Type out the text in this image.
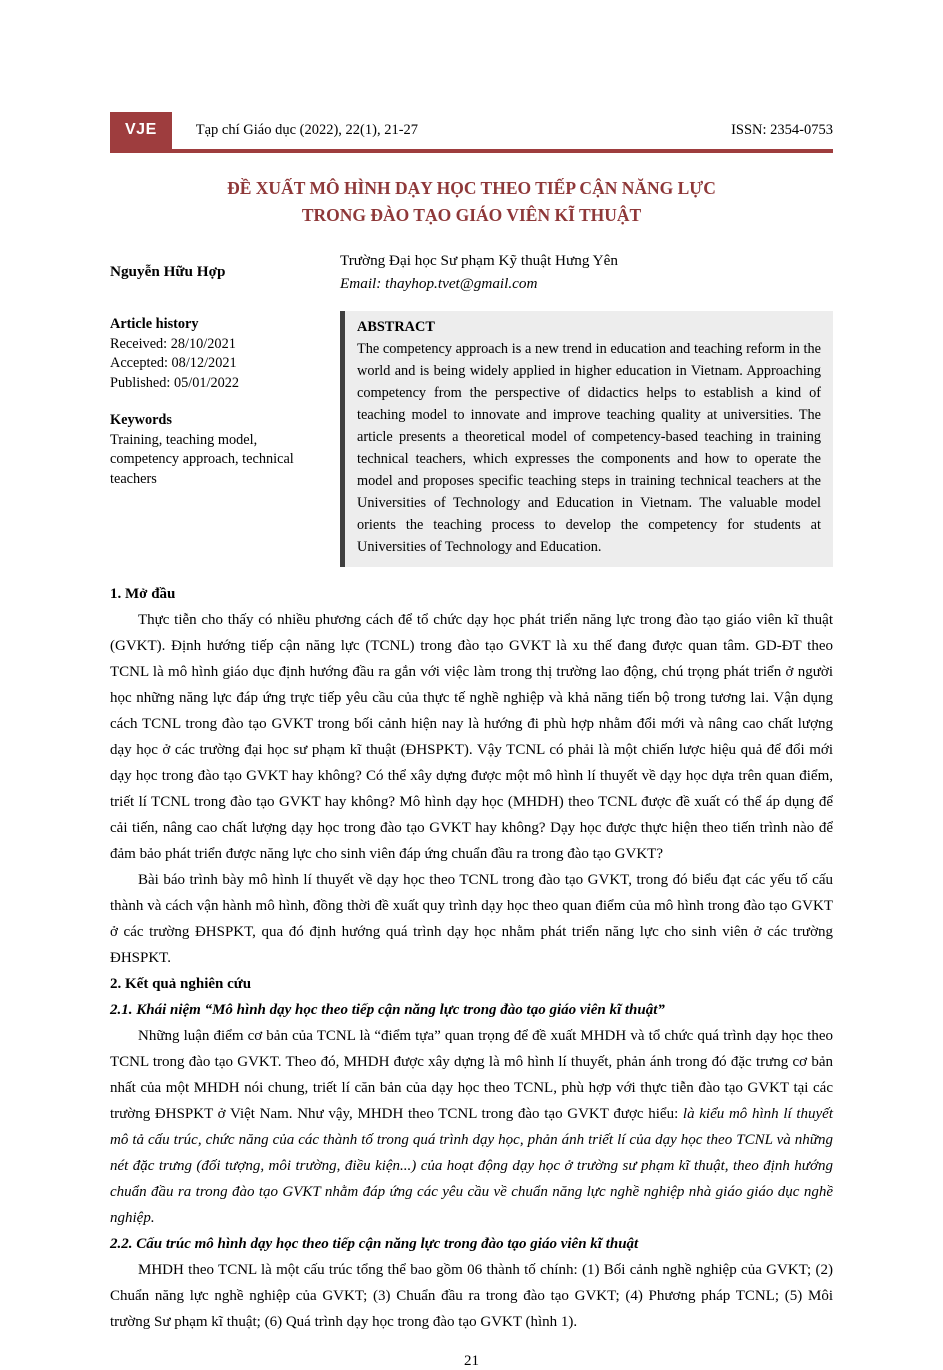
VJE	Tạp chí Giáo dục (2022), 22(1), 21-27	ISSN: 2354-0753
ĐỀ XUẤT MÔ HÌNH DẠY HỌC THEO TIẾP CẬN NĂNG LỰC
TRONG ĐÀO TẠO GIÁO VIÊN KĨ THUẬT
Nguyễn Hữu Hợp
Trường Đại học Sư phạm Kỹ thuật Hưng Yên
Email: thayhop.tvet@gmail.com
Article history
Received: 28/10/2021
Accepted: 08/12/2021
Published: 05/01/2022
Keywords
Training, teaching model, competency approach, technical teachers
ABSTRACT
The competency approach is a new trend in education and teaching reform in the world and is being widely applied in higher education in Vietnam. Approaching competency from the perspective of didactics helps to establish a kind of teaching model to innovate and improve teaching quality at universities. The article presents a theoretical model of competency-based teaching in training technical teachers, which expresses the components and how to operate the model and proposes specific teaching steps in training technical teachers at the Universities of Technology and Education in Vietnam. The valuable model orients the teaching process to develop the competency for students at Universities of Technology and Education.
1. Mở đầu

Thực tiễn cho thấy có nhiều phương cách để tổ chức dạy học phát triển năng lực trong đào tạo giáo viên kĩ thuật (GVKT). Định hướng tiếp cận năng lực (TCNL) trong đào tạo GVKT là xu thế đang được quan tâm. GD-ĐT theo TCNL là mô hình giáo dục định hướng đầu ra gắn với việc làm trong thị trường lao động, chú trọng phát triển ở người học những năng lực đáp ứng trực tiếp yêu cầu của thực tế nghề nghiệp và khả năng tiến bộ trong tương lai. Vận dụng cách TCNL trong đào tạo GVKT trong bối cảnh hiện nay là hướng đi phù hợp nhằm đổi mới và nâng cao chất lượng dạy học ở các trường đại học sư phạm kĩ thuật (ĐHSPKT). Vậy TCNL có phải là một chiến lược hiệu quả để đổi mới dạy học trong đào tạo GVKT hay không? Có thể xây dựng được một mô hình lí thuyết về dạy học dựa trên quan điểm, triết lí TCNL trong đào tạo GVKT hay không? Mô hình dạy học (MHDH) theo TCNL được đề xuất có thể áp dụng để cải tiến, nâng cao chất lượng dạy học trong đào tạo GVKT hay không? Dạy học được thực hiện theo tiến trình nào để đảm bảo phát triển được năng lực cho sinh viên đáp ứng chuẩn đầu ra trong đào tạo GVKT?

Bài báo trình bày mô hình lí thuyết về dạy học theo TCNL trong đào tạo GVKT, trong đó biểu đạt các yếu tố cấu thành và cách vận hành mô hình, đồng thời đề xuất quy trình dạy học theo quan điểm của mô hình trong đào tạo GVKT ở các trường ĐHSPKT, qua đó định hướng quá trình dạy học nhằm phát triển năng lực cho sinh viên ở các trường ĐHSPKT.

2. Kết quả nghiên cứu
2.1. Khái niệm “Mô hình dạy học theo tiếp cận năng lực trong đào tạo giáo viên kĩ thuật”

Những luận điểm cơ bản của TCNL là “điểm tựa” quan trọng để đề xuất MHDH và tổ chức quá trình dạy học theo TCNL trong đào tạo GVKT. Theo đó, MHDH được xây dựng là mô hình lí thuyết, phản ánh trong đó đặc trưng cơ bản nhất của một MHDH nói chung, triết lí căn bản của dạy học theo TCNL, phù hợp với thực tiễn đào tạo GVKT tại các trường ĐHSPKT ở Việt Nam. Như vậy, MHDH theo TCNL trong đào tạo GVKT được hiểu: là kiểu mô hình lí thuyết mô tả cấu trúc, chức năng của các thành tố trong quá trình dạy học, phản ánh triết lí của dạy học theo TCNL và những nét đặc trưng (đối tượng, môi trường, điều kiện...) của hoạt động dạy học ở trường sư phạm kĩ thuật, theo định hướng chuẩn đầu ra trong đào tạo GVKT nhằm đáp ứng các yêu cầu về chuẩn năng lực nghề nghiệp nhà giáo giáo dục nghề nghiệp.

2.2. Cấu trúc mô hình dạy học theo tiếp cận năng lực trong đào tạo giáo viên kĩ thuật

MHDH theo TCNL là một cấu trúc tổng thể bao gồm 06 thành tố chính: (1) Bối cảnh nghề nghiệp của GVKT; (2) Chuẩn năng lực nghề nghiệp của GVKT; (3) Chuẩn đầu ra trong đào tạo GVKT; (4) Phương pháp TCNL; (5) Môi trường Sư phạm kĩ thuật; (6) Quá trình dạy học trong đào tạo GVKT (hình 1).

21
